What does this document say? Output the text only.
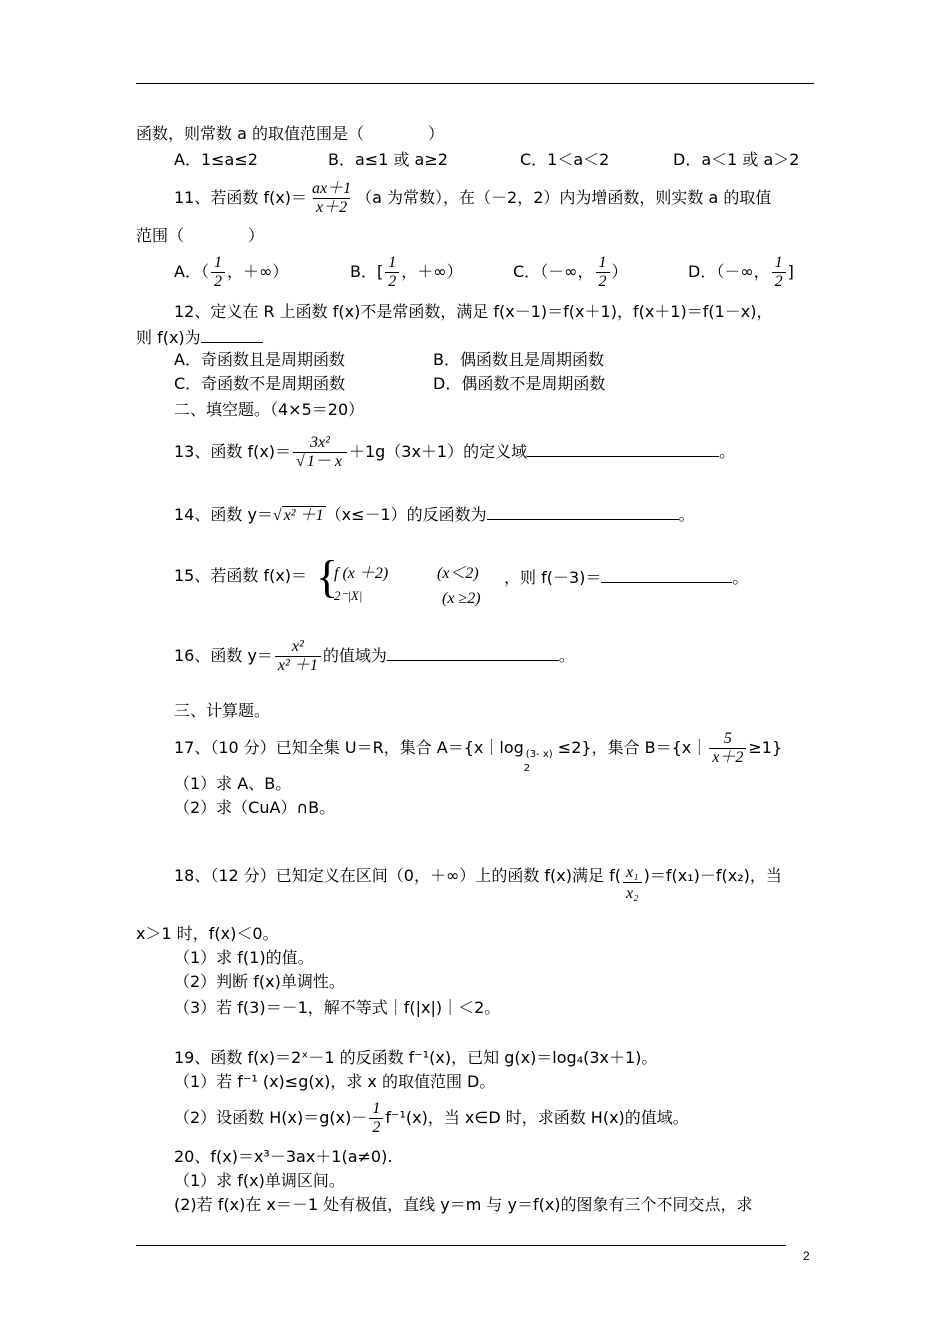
函数，则常数 a 的取值范围是（　　　　）
A．1≤a≤2	B．a≤1 或 a≥2	C．1＜a＜2	D．a＜1 或 a＞2
11、若函数 $f(x)= \frac{ax+1}{x+2} (a$ 为常数），在（－2，2）内为增函数，则实数 a 的取值
范围（　　　　）
A．（ $\frac{1}{2}$ ，＋∞）	B．[ $\frac{1}{2}$ ，＋∞）	C．（－∞， $\frac{1}{2}$ ）	D．（－∞， $\frac{1}{2}$ ]
12、定义在 R 上函数 f(x)不是常函数，满足 f(x－1)＝f(x＋1)，f(x＋1)＝f(1－x)，
则 f(x)为
A．奇函数且是周期函数	B．偶函数且是周期函数
C．奇函数不是周期函数	D．偶函数不是周期函数
二、填空题。（4×5＝20）
13、函数 $f(x)= \frac{\text{3x²}}{√ 1- x} +1g(3x+1)$的定义域	。
14、函数 y＝√ x² ＋1 （x≤－1）的反函数为	。
15、若函数 f(x)＝ {
f (x ＋2)	(x＜2)
2⁻|X|	(x ≥2)
，则 f(－3)＝	。
16、函数 $y= \frac{\text{x²}}{\text{x² ＋1}}$ 的值域为	。
三、计算题。
17、（10 分）已知全集 U＝R，集合 A＝{x｜log
2
(3- x) ≤2}，集合 B＝{x｜ $\frac{5}{x+2} \ge 1$}
（1）求 A、B。
（2）求（CuA）∩B。
18、（12 分）已知定义在区间（0，＋∞）上的函数 f(x)满足 $f( \frac{\text{x₁}}{\text{x₂}} )=f(x_1)-f(x_2)$，当
x＞1 时，f(x)＜0。
（1）求 f(1)的值。
（2）判断 f(x)单调性。
（3）若 f(3)＝－1，解不等式｜f(|x|)｜＜2。
19、函数 f(x)＝2ˣ－1 的反函数 f⁻¹(x)，已知 g(x)＝log₄(3x＋1)。
（1）若 f⁻¹ (x)≤g(x)，求 x 的取值范围 D。
（2）设函数 $H(x)=g(x)- \frac{1}{2} f^{-1}(x)$，当 x∈D 时，求函数 H(x)的值域。
20、f(x)＝x³－3ax＋1(a≠0).
（1）求 f(x)单调区间。
(2)若 f(x)在 x＝－1 处有极值，直线 y＝m 与 y＝f(x)的图象有三个不同交点，求
2
